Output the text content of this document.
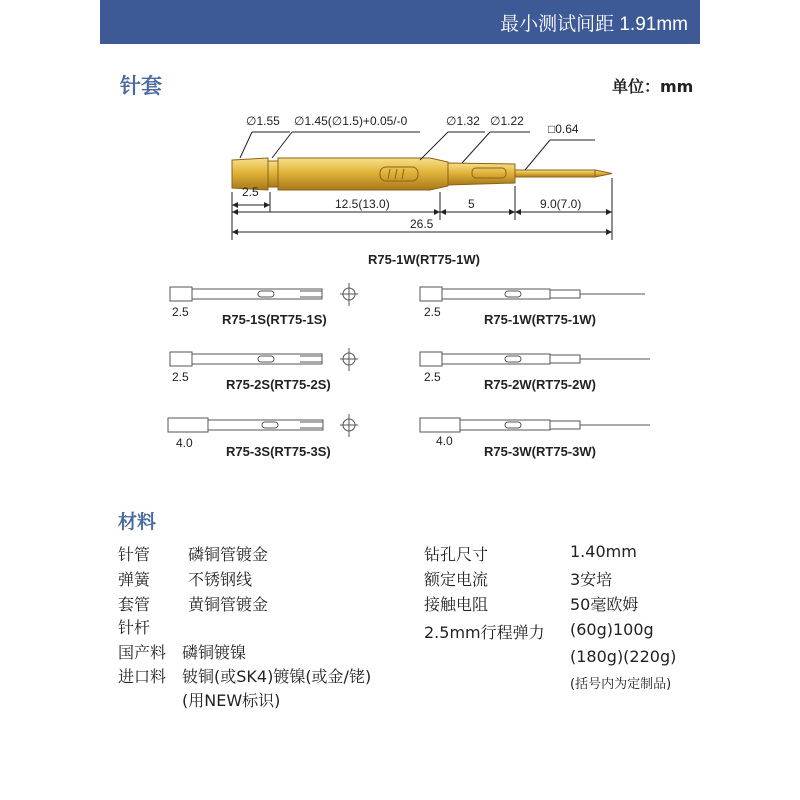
最小测试间距 1.91mm
针套	单位：mm
∅1.55 ∅1.45(∅1.5)+0.05/-0	∅1.32 ∅1.22
□0.64
2.5
12.5(13.0)	5	9.0(7.0)
26.5
R75-1W(RT75-1W)
2.5	R75-1S(RT75-1S)	2.5	R75-1W(RT75-1W)
2.5	R75-2S(RT75-2S)	2.5	R75-2W(RT75-2W)
4.0
R75-3S(RT75-3S)
4.0
R75-3W(RT75-3W)
材料
针管 磷铜管镀金
弹簧 不锈钢线
套管 黄铜管镀金
针杆
国产料 磷铜镀镍
进口料 铍铜(或SK4)镀镍(或金/铑)
(用NEW标识)
钻孔尺寸	1.40mm
额定电流	3安培
接触电阻	50毫欧姆
2.5mm行程弹力 (60g)100g
(180g)(220g)
(括号内为定制品)
